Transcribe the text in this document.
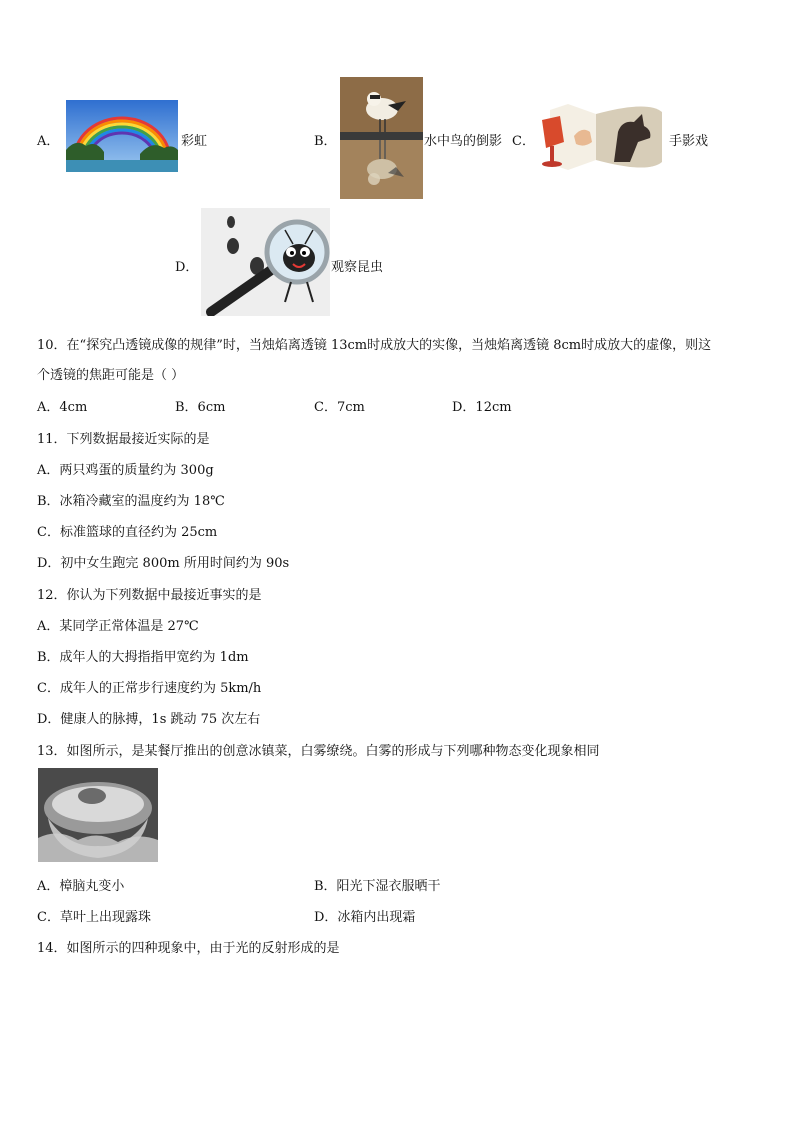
A．	彩虹	B．	水中鸟的倒影 C．	手影戏
D．	观察昆虫
10．在“探究凸透镜成像的规律”时，当烛焰离透镜 13cm时成放大的实像，当烛焰离透镜 8cm时成放大的虚像，则这
个透镜的焦距可能是（ ）
A．4cm	B．6cm	C．7cm	D．12cm
11．下列数据最接近实际的是
A．两只鸡蛋的质量约为 300g
B．冰箱冷藏室的温度约为 18℃
C．标准篮球的直径约为 25cm
D．初中女生跑完 800m 所用时间约为 90s
12．你认为下列数据中最接近事实的是
A．某同学正常体温是 27℃
B．成年人的大拇指指甲宽约为 1dm
C．成年人的正常步行速度约为 5km/h
D．健康人的脉搏，1s 跳动 75 次左右
13．如图所示，是某餐厅推出的创意冰镇菜，白雾缭绕。白雾的形成与下列哪种物态变化现象相同
A．樟脑丸变小	B．阳光下湿衣服晒干
C．草叶上出现露珠	D．冰箱内出现霜
14．如图所示的四种现象中，由于光的反射形成的是
